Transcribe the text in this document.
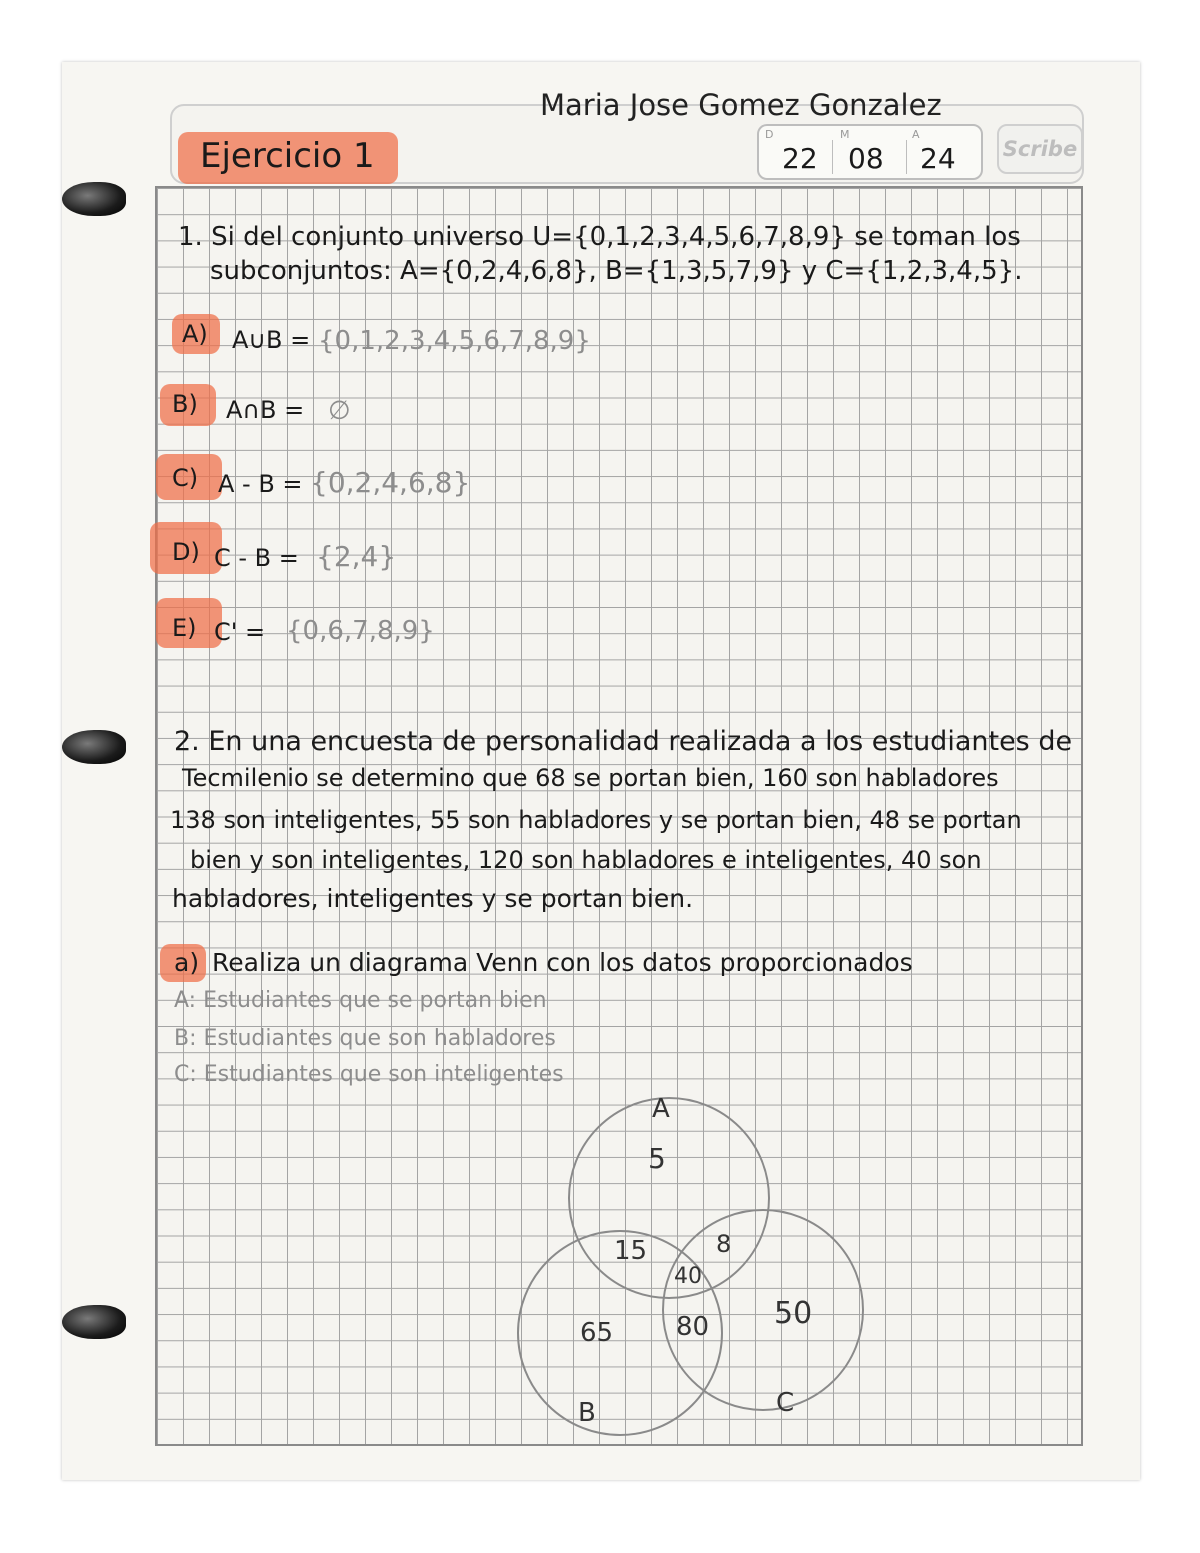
Ejercicio 1
Maria Jose Gomez Gonzalez
D	M	A
22 08 24 Scribe
1. Si del conjunto universo U={0,1,2,3,4,5,6,7,8,9} se toman los
subconjuntos: A={0,2,4,6,8}, B={1,3,5,7,9} y C={1,2,3,4,5}.
A) A∪B = {0,1,2,3,4,5,6,7,8,9}
B) A∩B = ∅
C) A - B = {0,2,4,6,8}
D) C - B = {2,4}
E) C' = {0,6,7,8,9}
2. En una encuesta de personalidad realizada a los estudiantes de
Tecmilenio se determino que 68 se portan bien, 160 son habladores
138 son inteligentes, 55 son habladores y se portan bien, 48 se portan
bien y son inteligentes, 120 son habladores e inteligentes, 40 son
habladores, inteligentes y se portan bien.
a) Realiza un diagrama Venn con los datos proporcionados
A: Estudiantes que se portan bien
B: Estudiantes que son habladores
C: Estudiantes que son inteligentes
A
B	C
5
15	8
40
80
65
50
